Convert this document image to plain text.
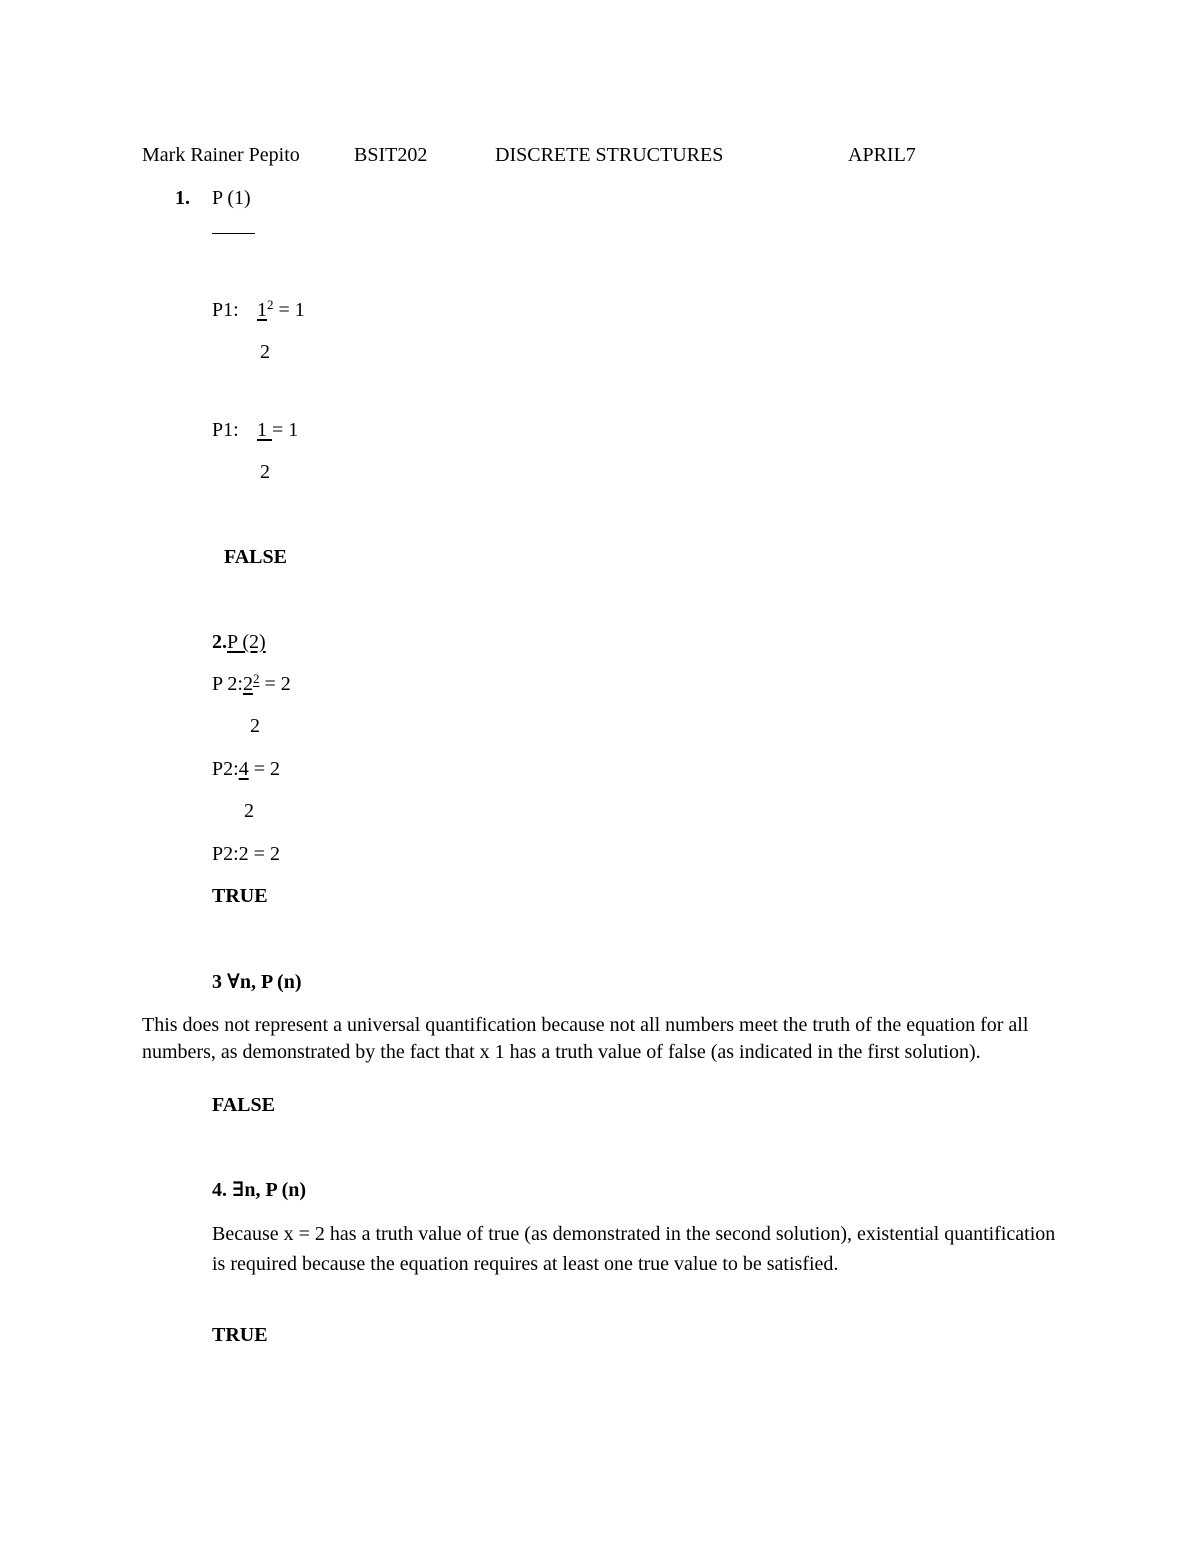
Mark Rainer Pepito	BSIT202	DISCRETE STRUCTURES	APRIL7
1. P (1)
P1: $1^2 = 1$
2
P1: 1 = 1
2
FALSE
2.P (2)
P $2:2^2 = 2$
2
P2:4 = 2
2
P2:2 = 2
TRUE
3 ∀n, P (n)
This does not represent a universal quantification because not all numbers meet the truth of the equation for all numbers, as demonstrated by the fact that x 1 has a truth value of false (as indicated in the first solution).
FALSE
4. ∃n, P (n)
Because x = 2 has a truth value of true (as demonstrated in the second solution), existential quantification is required because the equation requires at least one true value to be satisfied.
TRUE
